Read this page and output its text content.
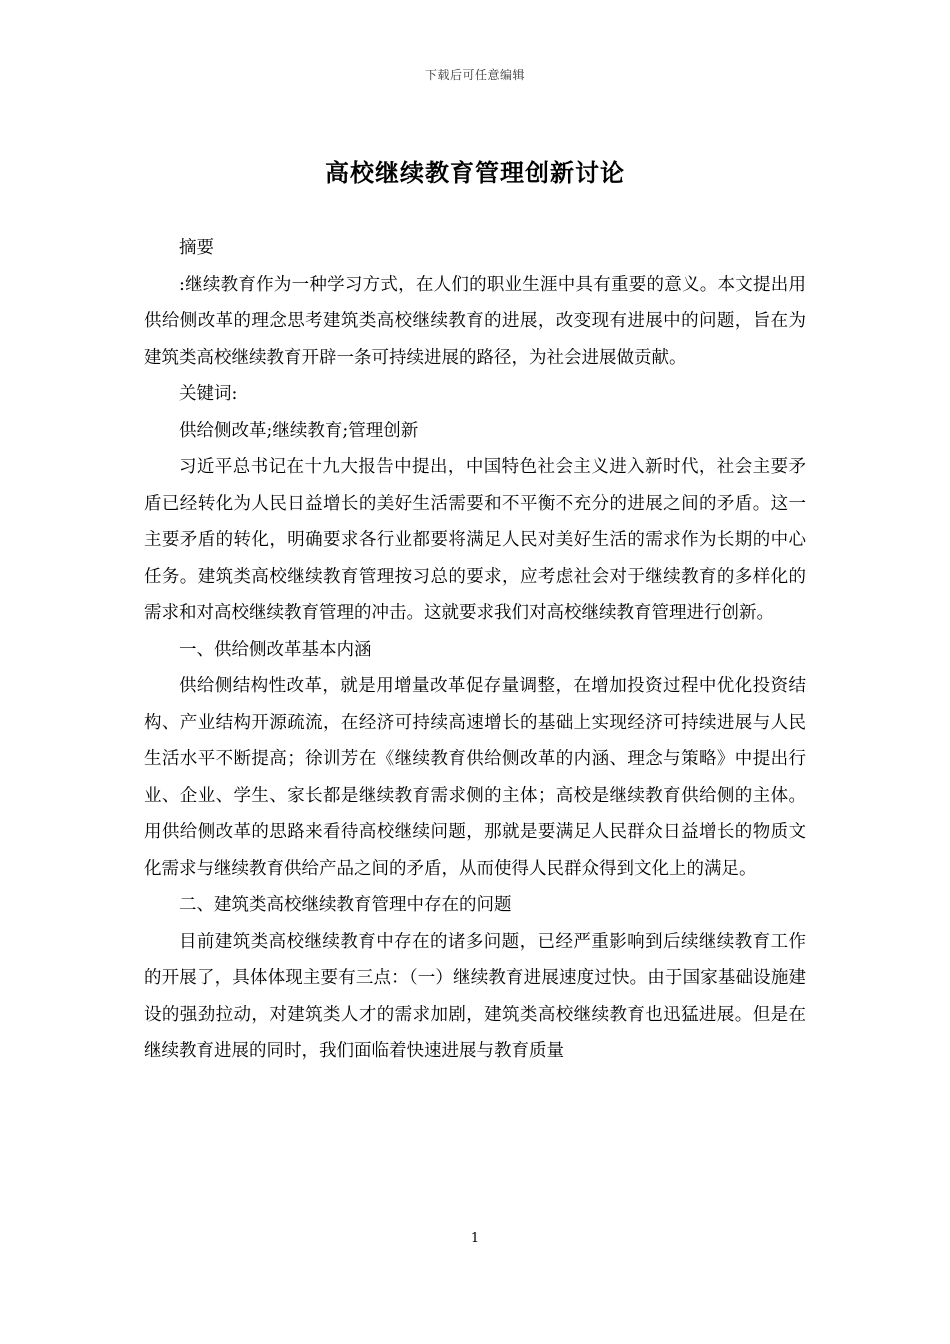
下载后可任意编辑
高校继续教育管理创新讨论

摘要

:继续教育作为一种学习方式，在人们的职业生涯中具有重要的意义。本文提出用供给侧改革的理念思考建筑类高校继续教育的进展，改变现有进展中的问题，旨在为建筑类高校继续教育开辟一条可持续进展的路径，为社会进展做贡献。

关键词:

供给侧改革;继续教育;管理创新

习近平总书记在十九大报告中提出，中国特色社会主义进入新时代，社会主要矛盾已经转化为人民日益增长的美好生活需要和不平衡不充分的进展之间的矛盾。这一主要矛盾的转化，明确要求各行业都要将满足人民对美好生活的需求作为长期的中心任务。建筑类高校继续教育管理按习总的要求，应考虑社会对于继续教育的多样化的需求和对高校继续教育管理的冲击。这就要求我们对高校继续教育管理进行创新。

一、供给侧改革基本内涵

供给侧结构性改革，就是用增量改革促存量调整，在增加投资过程中优化投资结构、产业结构开源疏流，在经济可持续高速增长的基础上实现经济可持续进展与人民生活水平不断提高；徐训芳在《继续教育供给侧改革的内涵、理念与策略》中提出行业、企业、学生、家长都是继续教育需求侧的主体；高校是继续教育供给侧的主体。用供给侧改革的思路来看待高校继续问题，那就是要满足人民群众日益增长的物质文化需求与继续教育供给产品之间的矛盾，从而使得人民群众得到文化上的满足。

二、建筑类高校继续教育管理中存在的问题

目前建筑类高校继续教育中存在的诸多问题，已经严重影响到后续继续教育工作的开展了，具体体现主要有三点：（一）继续教育进展速度过快。由于国家基础设施建设的强劲拉动，对建筑类人才的需求加剧，建筑类高校继续教育也迅猛进展。但是在继续教育进展的同时，我们面临着快速进展与教育质量

1
